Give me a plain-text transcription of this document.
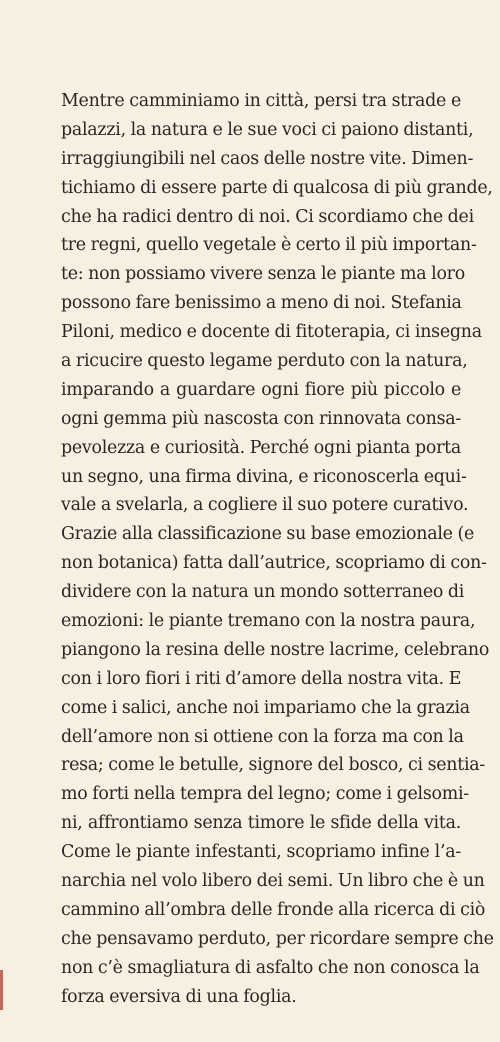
Mentre camminiamo in città, persi tra strade e
palazzi, la natura e le sue voci ci paiono distanti,
irraggiungibili nel caos delle nostre vite. Dimen-
tichiamo di essere parte di qualcosa di più grande,
che ha radici dentro di noi. Ci scordiamo che dei
tre regni, quello vegetale è certo il più importan-
te: non possiamo vivere senza le piante ma loro
possono fare benissimo a meno di noi. Stefania
Piloni, medico e docente di fitoterapia, ci insegna
a ricucire questo legame perduto con la natura,
imparando a guardare ogni fiore più piccolo e
ogni gemma più nascosta con rinnovata consa-
pevolezza e curiosità. Perché ogni pianta porta
un segno, una firma divina, e riconoscerla equi-
vale a svelarla, a cogliere il suo potere curativo.
Grazie alla classificazione su base emozionale (e
non botanica) fatta dall’autrice, scopriamo di con-
dividere con la natura un mondo sotterraneo di
emozioni: le piante tremano con la nostra paura,
piangono la resina delle nostre lacrime, celebrano
con i loro fiori i riti d’amore della nostra vita. E
come i salici, anche noi impariamo che la grazia
dell’amore non si ottiene con la forza ma con la
resa; come le betulle, signore del bosco, ci sentia-
mo forti nella tempra del legno; come i gelsomi-
ni, affrontiamo senza timore le sfide della vita.
Come le piante infestanti, scopriamo infine l’a-
narchia nel volo libero dei semi. Un libro che è un
cammino all’ombra delle fronde alla ricerca di ciò
che pensavamo perduto, per ricordare sempre che
non c’è smagliatura di asfalto che non conosca la
forza eversiva di una foglia.
